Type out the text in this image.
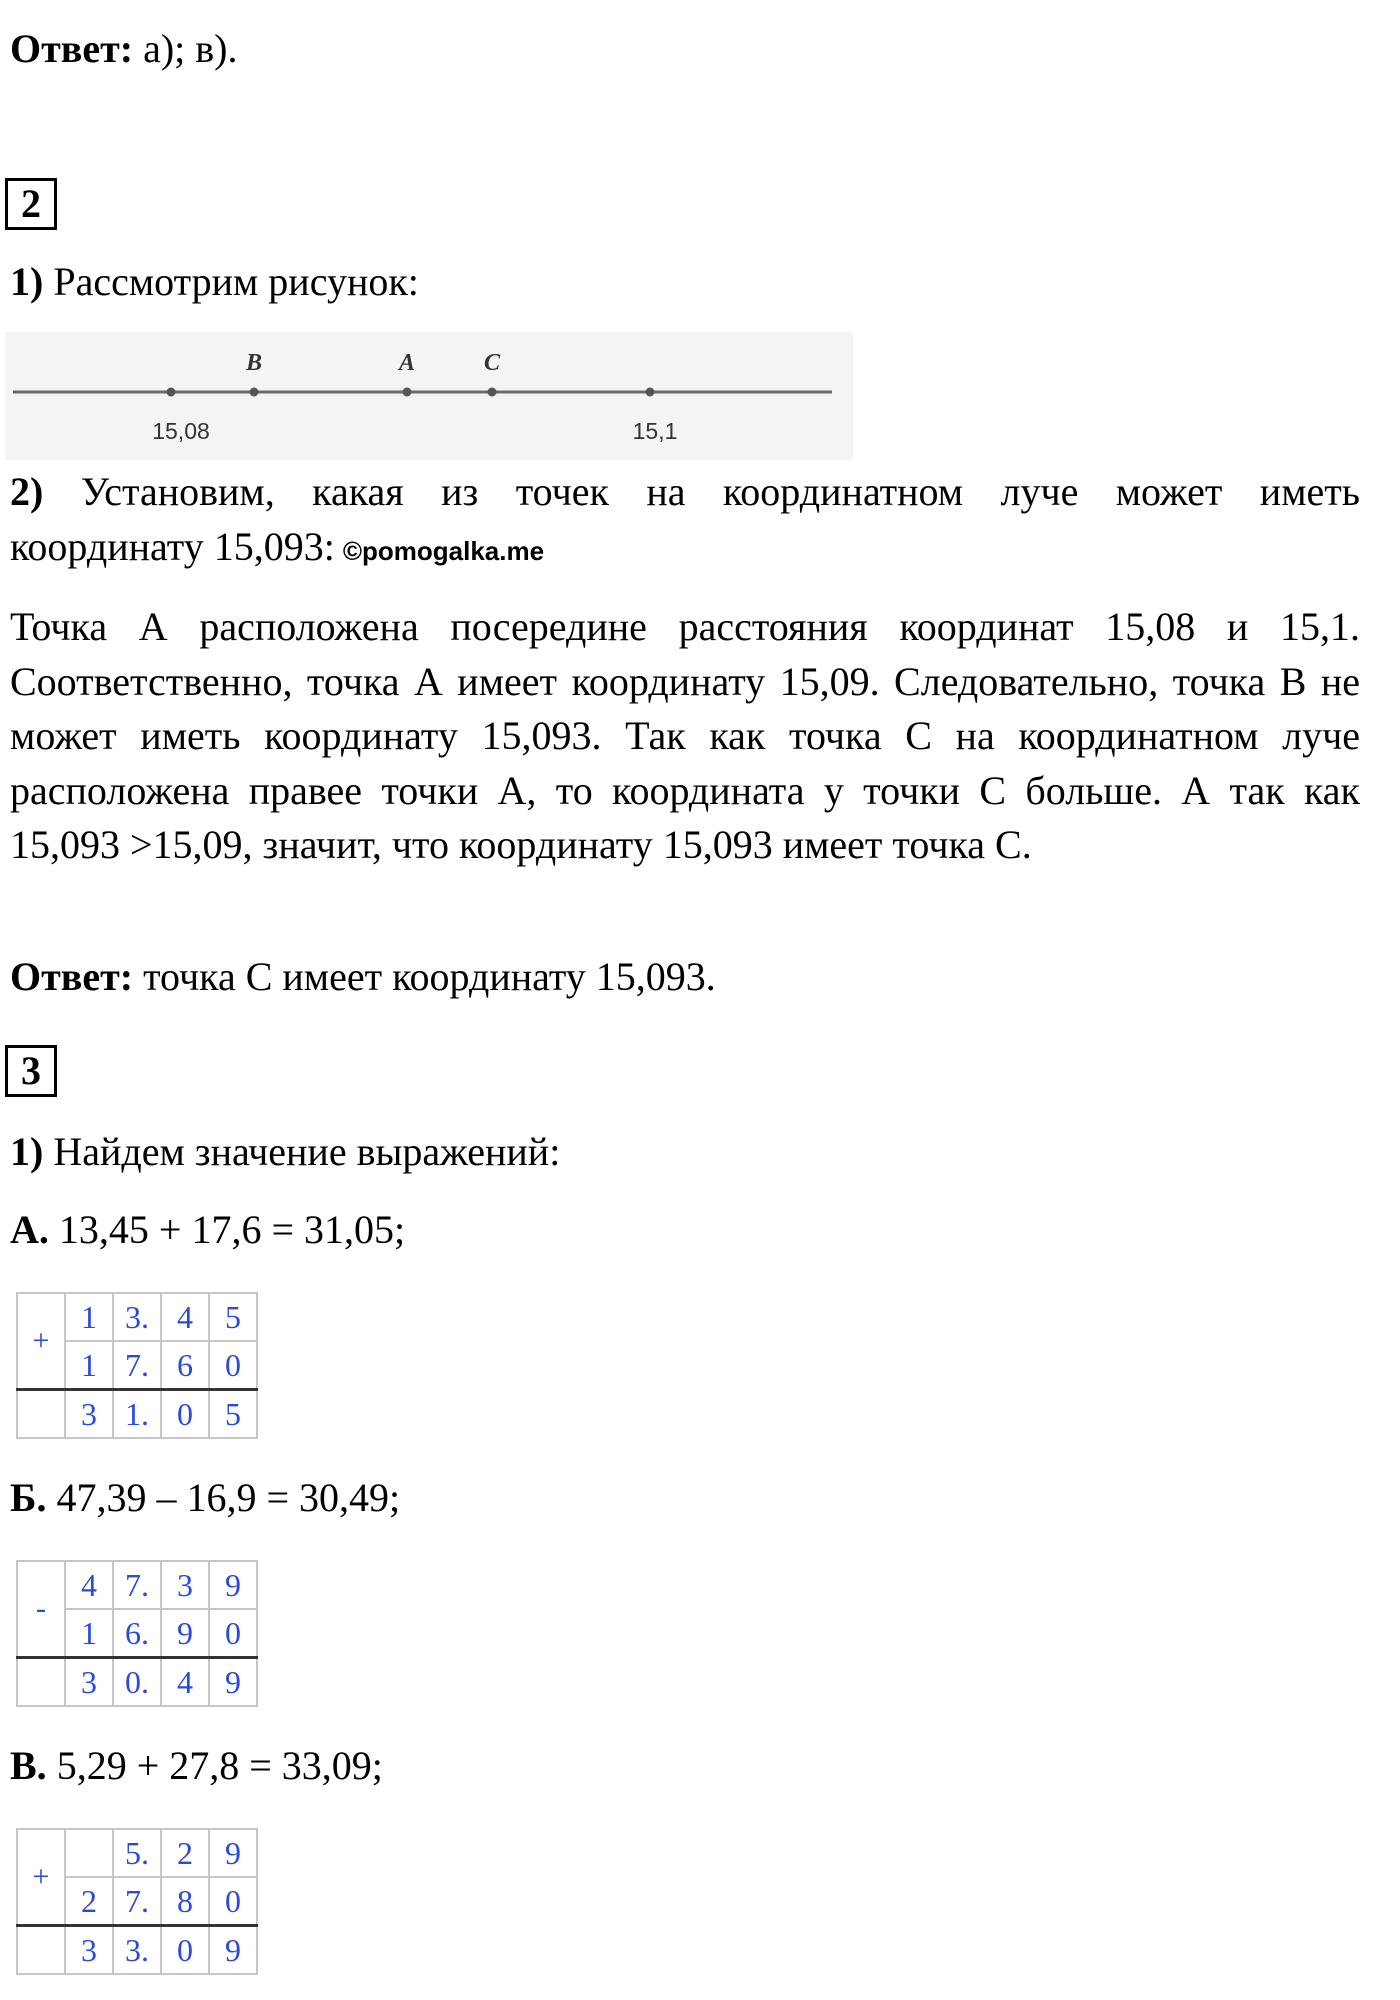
Ответ: а); в).
2
1) Рассмотрим рисунок:
B	A	C
15,08	15,1
2) Установим, какая из точек на координатном луче может иметь
координату 15,093: ©pomogalka.me
Точка А расположена посередине расстояния координат 15,08 и 15,1. Соответственно, точка А имеет координату 15,09. Следовательно, точка В не может иметь координату 15,093. Так как точка С на координатном луче расположена правее точки А, то координата у точки С больше. А так как 15,093 >15,09, значит, что координату 15,093 имеет точка С.
Ответ: точка С имеет координату 15,093.
3
1) Найдем значение выражений:
А. 13,45 + 17,6 = 31,05;
+	1	3.	4	5
	1	7.	6	0
	3	1.	0	5
Б. 47,39 – 16,9 = 30,49;
-	4	7.	3	9
	1	6.	9	0
	3	0.	4	9
В. 5,29 + 27,8 = 33,09;
+		5.	2	9
	2	7.	8	0
	3	3.	0	9
